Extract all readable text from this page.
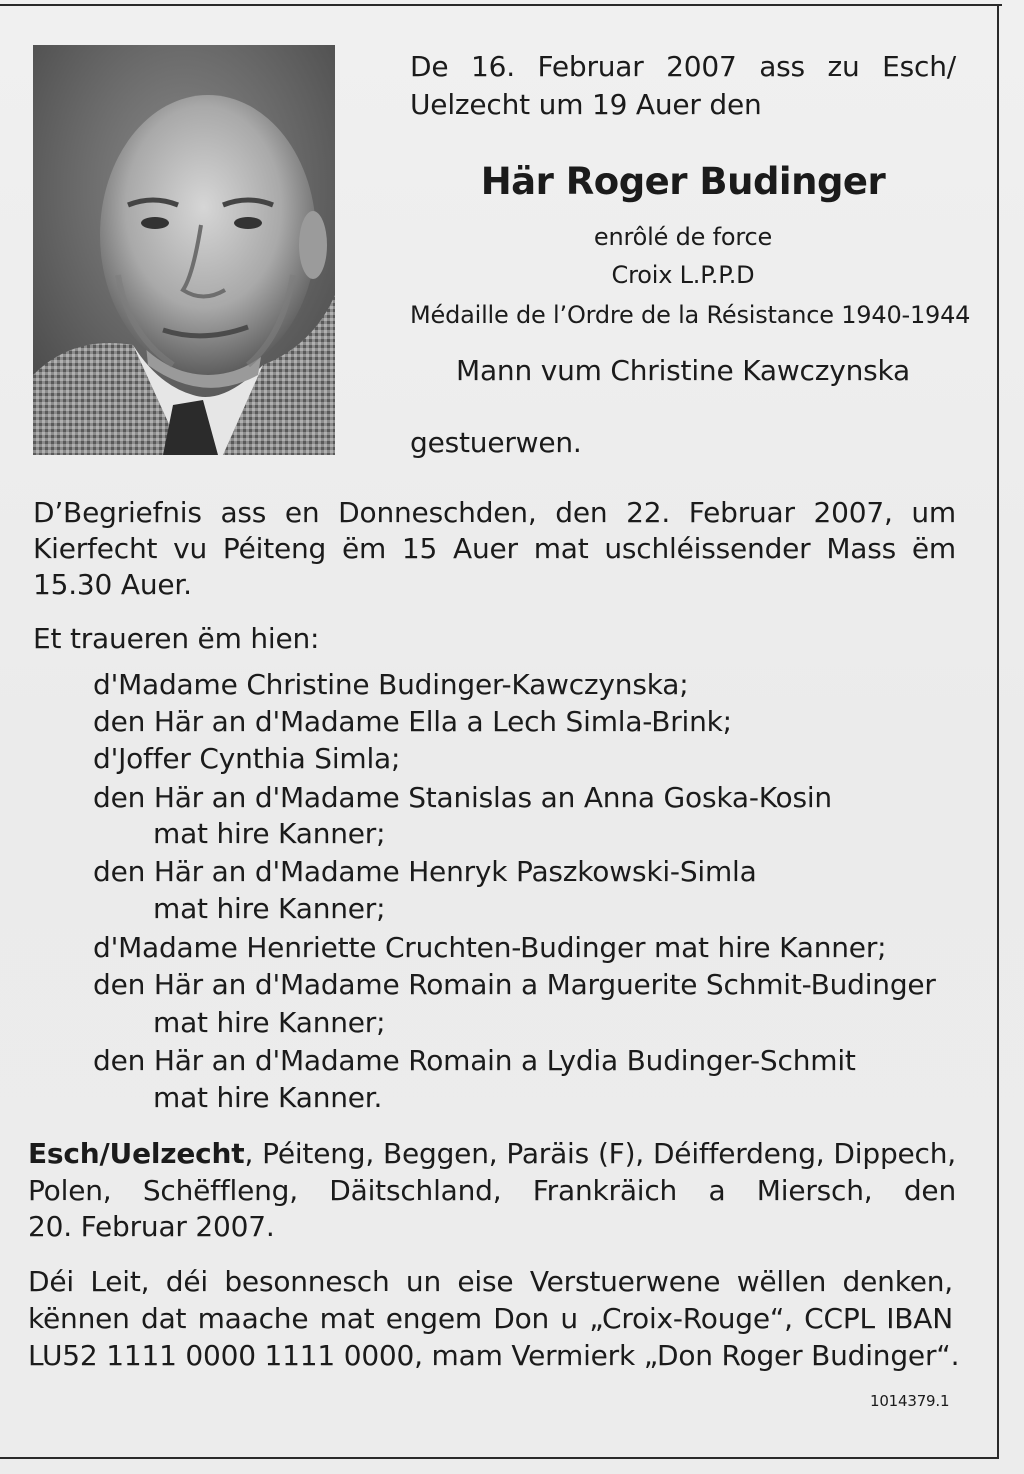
De 16. Februar 2007 ass zu Esch/
Uelzecht um 19 Auer den
Här Roger Budinger
enrôlé de force
Croix L.P.P.D
Médaille de l’Ordre de la Résistance 1940-1944
Mann vum Christine Kawczynska
gestuerwen.
D’Begriefnis ass en Donneschden, den 22. Februar 2007, um
Kierfecht vu Péiteng ëm 15 Auer mat uschléissender Mass ëm
15.30 Auer.
Et traueren ëm hien:
d'Madame Christine Budinger-Kawczynska;
den Här an d'Madame Ella a Lech Simla-Brink;
d'Joffer Cynthia Simla;
den Här an d'Madame Stanislas an Anna Goska-Kosin
mat hire Kanner;
den Här an d'Madame Henryk Paszkowski-Simla
mat hire Kanner;
d'Madame Henriette Cruchten-Budinger mat hire Kanner;
den Här an d'Madame Romain a Marguerite Schmit-Budinger
mat hire Kanner;
den Här an d'Madame Romain a Lydia Budinger-Schmit
mat hire Kanner.
Esch/Uelzecht, Péiteng, Beggen, Paräis (F), Déifferdeng, Dippech,
Polen, Schëffleng, Däitschland, Frankräich a Miersch, den
20. Februar 2007.
Déi Leit, déi besonnesch un eise Verstuerwene wëllen denken,
kënnen dat maache mat engem Don u „Croix-Rouge“, CCPL IBAN
LU52 1111 0000 1111 0000, mam Vermierk „Don Roger Budinger“.
1014379.1
